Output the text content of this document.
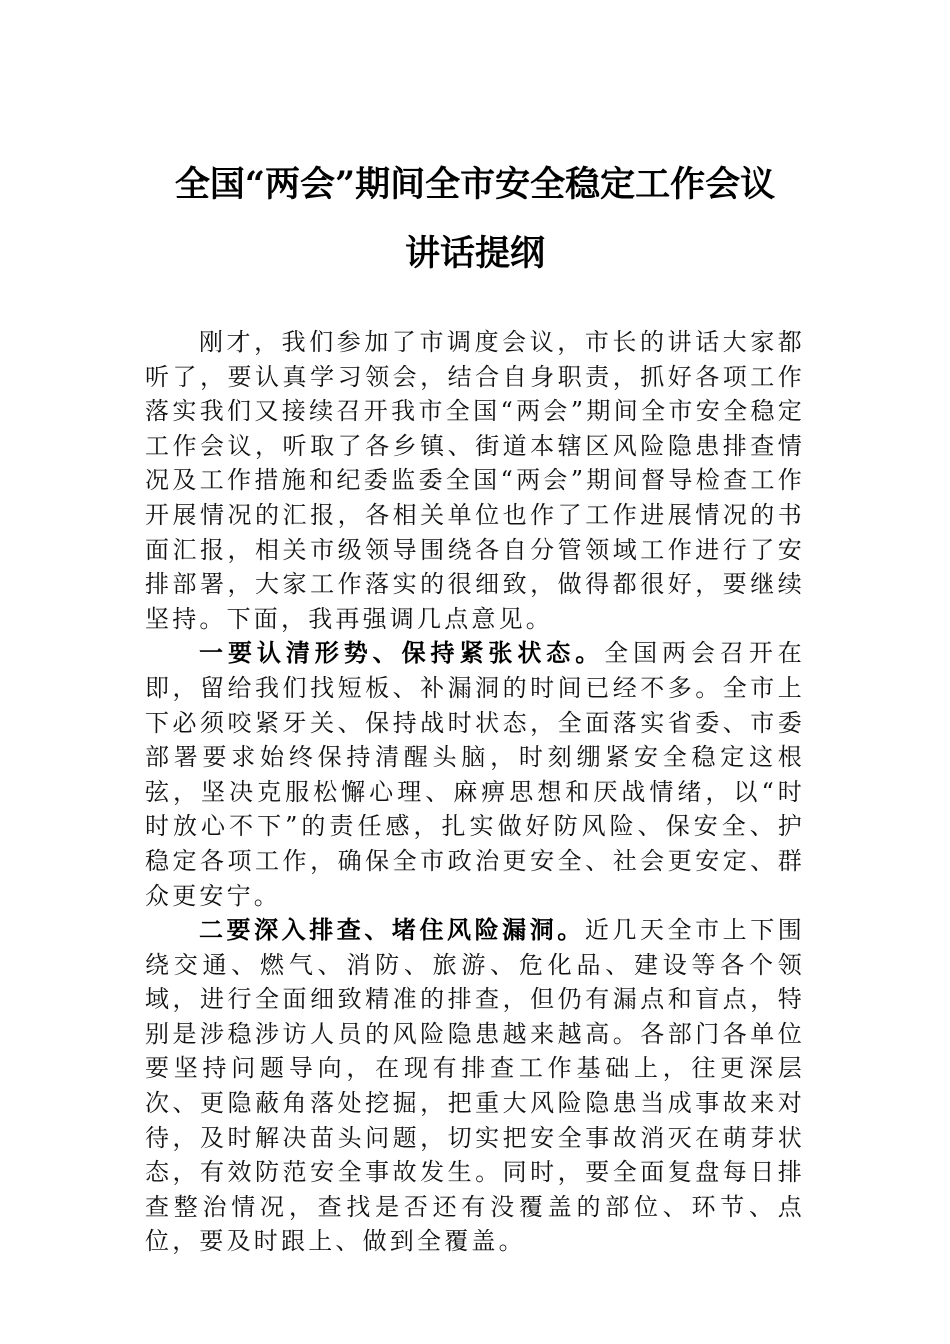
全国“两会”期间全市安全稳定工作会议
讲话提纲

刚才，我们参加了市调度会议，市长的讲话大家都听了，要认真学习领会，结合自身职责，抓好各项工作落实我们又接续召开我市全国“两会”期间全市安全稳定工作会议，听取了各乡镇、街道本辖区风险隐患排查情况及工作措施和纪委监委全国“两会”期间督导检查工作开展情况的汇报，各相关单位也作了工作进展情况的书面汇报，相关市级领导围绕各自分管领域工作进行了安排部署，大家工作落实的很细致，做得都很好，要继续坚持。下面，我再强调几点意见。

一要认清形势、保持紧张状态。全国两会召开在即，留给我们找短板、补漏洞的时间已经不多。全市上下必须咬紧牙关、保持战时状态，全面落实省委、市委部署要求始终保持清醒头脑，时刻绷紧安全稳定这根弦，坚决克服松懈心理、麻痹思想和厌战情绪，以“时时放心不下”的责任感，扎实做好防风险、保安全、护稳定各项工作，确保全市政治更安全、社会更安定、群众更安宁。

二要深入排查、堵住风险漏洞。近几天全市上下围绕交通、燃气、消防、旅游、危化品、建设等各个领域，进行全面细致精准的排查，但仍有漏点和盲点，特别是涉稳涉访人员的风险隐患越来越高。各部门各单位要坚持问题导向，在现有排查工作基础上，往更深层次、更隐蔽角落处挖掘，把重大风险隐患当成事故来对待，及时解决苗头问题，切实把安全事故消灭在萌芽状态，有效防范安全事故发生。同时，要全面复盘每日排查整治情况，查找是否还有没覆盖的部位、环节、点位，要及时跟上、做到全覆盖。
